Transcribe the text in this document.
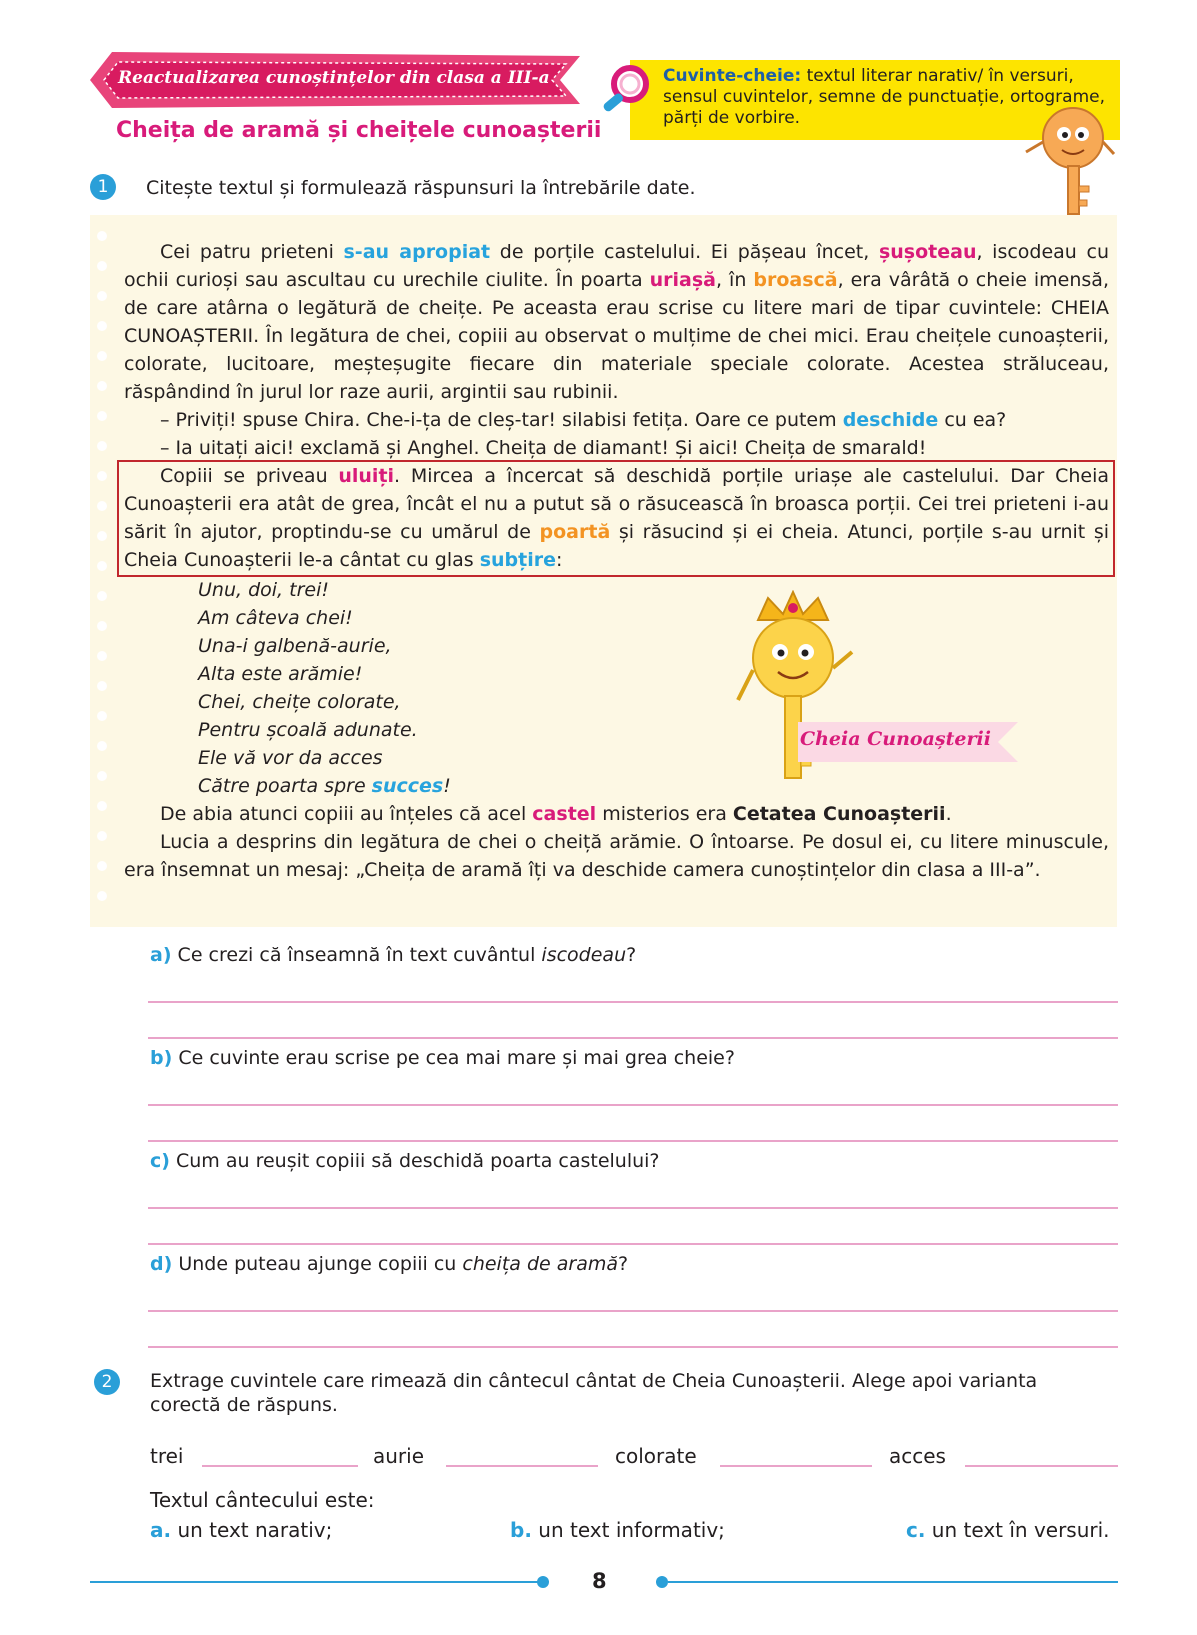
Reactualizarea cunoștințelor din clasa a III-a
Cheița de aramă și cheițele cunoașterii
Cuvinte-cheie: textul literar narativ/ în versuri, sensul cuvintelor, semne de punctuație, ortograme, părți de vorbire.
1	Citește textul și formulează răspunsuri la întrebările date.
Cei patru prieteni s-au apropiat de porțile castelului. Ei pășeau încet, șușoteau, iscodeau cu ochii curioși sau ascultau cu urechile ciulite. În poarta uriașă, în broască, era vârâtă o cheie imensă, de care atârna o legătură de cheițe. Pe aceasta erau scrise cu litere mari de tipar cuvintele: CHEIA CUNOAȘTERII. În legătura de chei, copiii au observat o mulțime de chei mici. Erau cheițele cunoașterii, colorate, lucitoare, meșteșugite fiecare din materiale speciale colorate. Acestea străluceau, răspândind în jurul lor raze aurii, argintii sau rubinii.
– Priviți! spuse Chira. Che-i-ța de cleș-tar! silabisi fetița. Oare ce putem deschide cu ea?
– Ia uitați aici! exclamă și Anghel. Cheița de diamant! Și aici! Cheița de smarald!
Copiii se priveau uluiți. Mircea a încercat să deschidă porțile uriașe ale castelului. Dar Cheia Cunoașterii era atât de grea, încât el nu a putut să o răsucească în broasca porții. Cei trei prieteni i-au sărit în ajutor, proptindu-se cu umărul de poartă și răsucind și ei cheia. Atunci, porțile s-au urnit și Cheia Cunoașterii le-a cântat cu glas subțire:
Unu, doi, trei!
Am câteva chei!
Una-i galbenă-aurie,
Alta este arămie!
Chei, cheițe colorate,
Pentru școală adunate.
Ele vă vor da acces
Către poarta spre succes!
Cheia Cunoașterii
De abia atunci copiii au înțeles că acel castel misterios era Cetatea Cunoașterii.
Lucia a desprins din legătura de chei o cheiță arămie. O întoarse. Pe dosul ei, cu litere minuscule, era însemnat un mesaj: „Cheița de aramă îți va deschide camera cunoștințelor din clasa a III-a”.
a) Ce crezi că înseamnă în text cuvântul iscodeau?
b) Ce cuvinte erau scrise pe cea mai mare și mai grea cheie?
c) Cum au reușit copiii să deschidă poarta castelului?
d) Unde puteau ajunge copiii cu cheița de aramă?
2	Extrage cuvintele care rimează din cântecul cântat de Cheia Cunoașterii. Alege apoi varianta corectă de răspuns.
trei	aurie	colorate	acces
Textul cântecului este:
a. un text narativ;	b. un text informativ;	c. un text în versuri.
8
